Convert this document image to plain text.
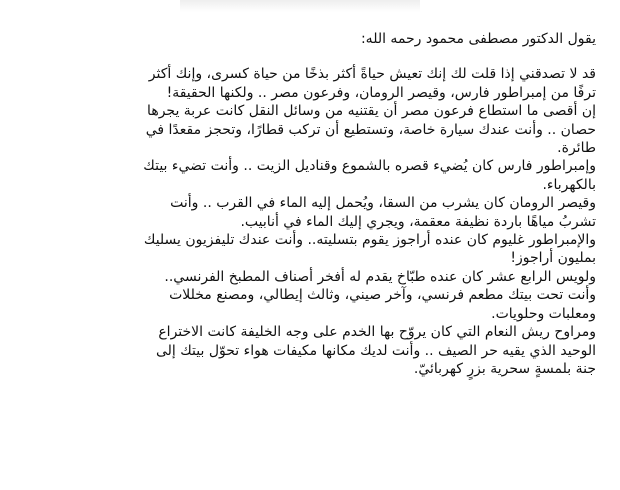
يقول الدكتور مصطفى محمود رحمه الله:

قد لا تصدقني إذا قلت لك إنك تعيش حياةً أكثر بذخًا من حياة كسرى، وإنك أكثر ترفًا من إمبراطور فارس، وقيصر الرومان، وفرعون مصر .. ولكنها الحقيقة!

إن أقصى ما استطاع فرعون مصر أن يقتنيه من وسائل النقل كانت عربة يجرها حصان .. وأنت عندك سيارة خاصة، وتستطيع أن تركب قطارًا، وتحجز مقعدًا في طائرة.

وإمبراطور فارس كان يُضيء قصره بالشموع وقناديل الزيت .. وأنت تضيء بيتك بالكهرباء.

وقيصر الرومان كان يشرب من السقا، ويُحمل إليه الماء في القرب .. وأنت تشربُ مياهًا باردة نظيفة معقمة، ويجري إليك الماء في أنابيب.

والإمبراطور غليوم كان عنده أراجوز يقوم بتسليته.. وأنت عندك تليفزيون يسليك بمليون أراجوز!

ولويس الرابع عشر كان عنده طبّاخ يقدم له أفخر أصناف المطبخ الفرنسي.. وأنت تحت بيتك مطعم فرنسي، وآخر صيني، وثالث إيطالي، ومصنع مخللات ومعلبات وحلويات.

ومراوح ريش النعام التي كان يروّح بها الخدم على وجه الخليفة كانت الاختراع الوحيد الذي يقيه حر الصيف .. وأنت لديك مكانها مكيفات هواء تحوّل بيتك إلى جنة بلمسةٍ سحرية بزرٍ كهربائيّ.
